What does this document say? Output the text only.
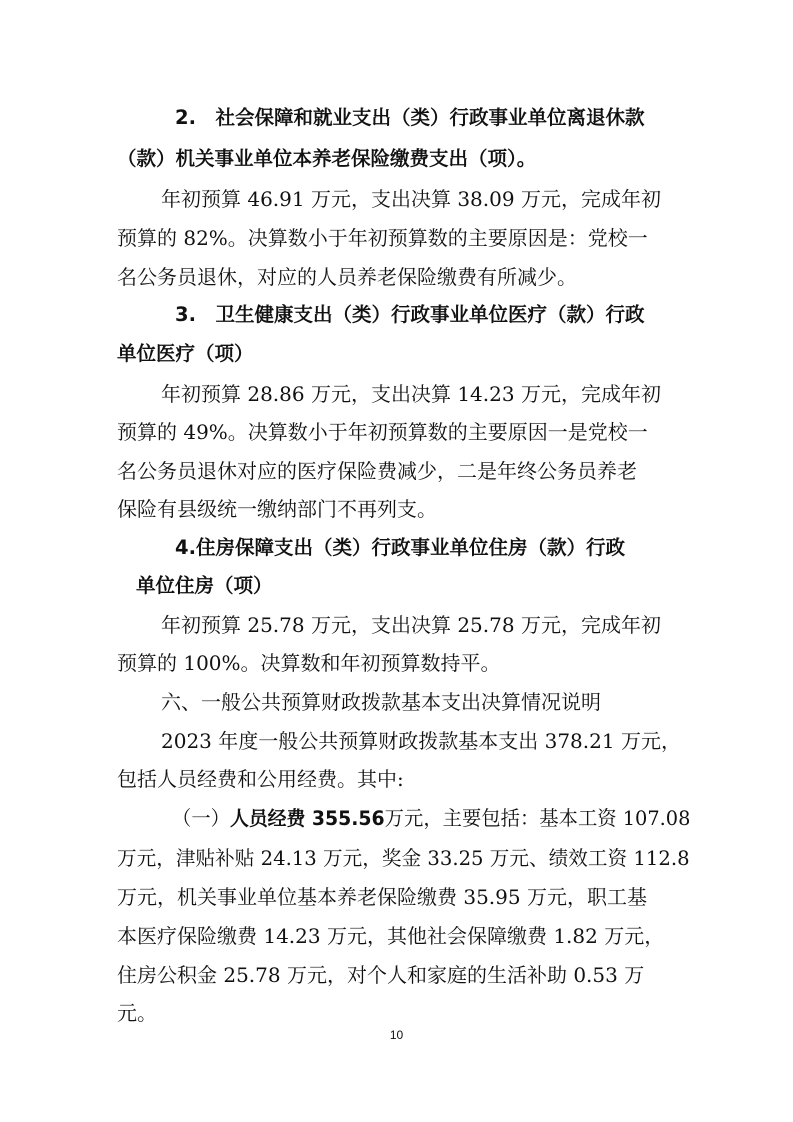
2.　社会保障和就业支出（类）行政事业单位离退休款
（款）机关事业单位本养老保险缴费支出（项）。
年初预算 46.91 万元，支出决算 38.09 万元，完成年初
预算的 82%。决算数小于年初预算数的主要原因是：党校一
名公务员退休，对应的人员养老保险缴费有所减少。
3.　卫生健康支出（类）行政事业单位医疗（款）行政
单位医疗（项）
年初预算 28.86 万元，支出决算 14.23 万元，完成年初
预算的 49%。决算数小于年初预算数的主要原因一是党校一
名公务员退休对应的医疗保险费减少，二是年终公务员养老
保险有县级统一缴纳部门不再列支。
4.住房保障支出（类）行政事业单位住房（款）行政
单位住房（项）
年初预算 25.78 万元，支出决算 25.78 万元，完成年初
预算的 100%。决算数和年初预算数持平。
六、一般公共预算财政拨款基本支出决算情况说明
2023 年度一般公共预算财政拨款基本支出 378.21 万元，
包括人员经费和公用经费。其中:
（一）人员经费 355.56万元，主要包括：基本工资 107.08
万元，津贴补贴 24.13 万元，奖金 33.25 万元、绩效工资 112.8
万元，机关事业单位基本养老保险缴费 35.95 万元，职工基
本医疗保险缴费 14.23 万元，其他社会保障缴费 1.82 万元，
住房公积金 25.78 万元，对个人和家庭的生活补助 0.53 万
元。
10
